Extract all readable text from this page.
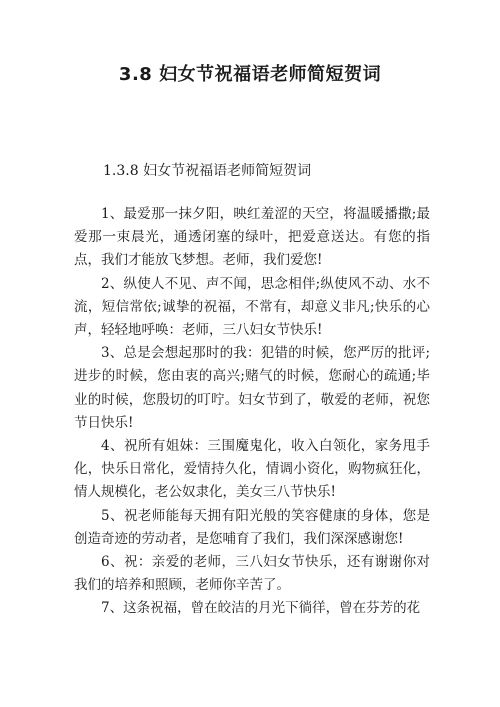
3.8 妇女节祝福语老师简短贺词

1.3.8 妇女节祝福语老师简短贺词

1、最爱那一抹夕阳，映红羞涩的天空，将温暖播撒;最爱那一束晨光，通透闭塞的绿叶，把爱意送达。有您的指点，我们才能放飞梦想。老师，我们爱您!

2、纵使人不见、声不闻，思念相伴;纵使风不动、水不流，短信常依;诚挚的祝福，不常有，却意义非凡;快乐的心声，轻轻地呼唤：老师，三八妇女节快乐!

3、总是会想起那时的我：犯错的时候，您严厉的批评;进步的时候，您由衷的高兴;赌气的时候，您耐心的疏通;毕业的时候，您殷切的叮咛。妇女节到了，敬爱的老师，祝您节日快乐!

4、祝所有姐妹：三围魔鬼化，收入白领化，家务甩手化，快乐日常化，爱情持久化，情调小资化，购物疯狂化，情人规模化，老公奴隶化，美女三八节快乐!

5、祝老师能每天拥有阳光般的笑容健康的身体，您是创造奇迹的劳动者，是您哺育了我们，我们深深感谢您!

6、祝：亲爱的老师，三八妇女节快乐，还有谢谢你对我们的培养和照顾，老师你辛苦了。

7、这条祝福，曾在皎洁的月光下徜徉，曾在芬芳的花
